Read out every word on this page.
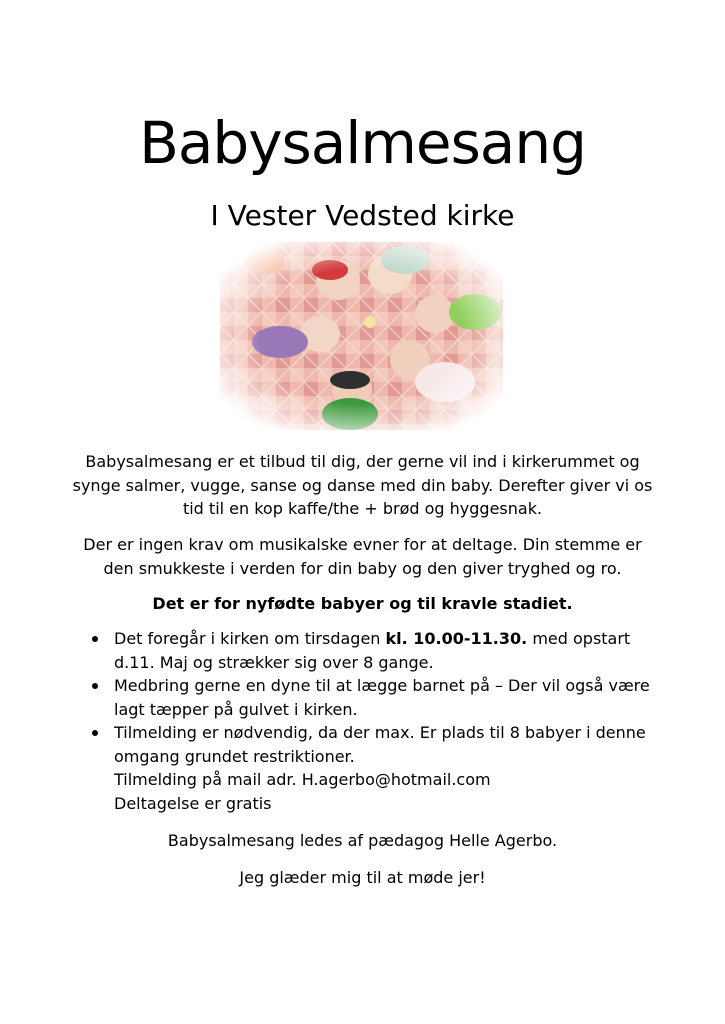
Babysalmesang
I Vester Vedsted kirke
Babysalmesang er et tilbud til dig, der gerne vil ind i kirkerummet og synge salmer, vugge, sanse og danse med din baby. Derefter giver vi os tid til en kop kaffe/the + brød og hyggesnak.
Der er ingen krav om musikalske evner for at deltage. Din stemme er den smukkeste i verden for din baby og den giver tryghed og ro.
Det er for nyfødte babyer og til kravle stadiet.
Det foregår i kirken om tirsdagen kl. 10.00-11.30. med opstart d.11. Maj og strækker sig over 8 gange.
Medbring gerne en dyne til at lægge barnet på – Der vil også være lagt tæpper på gulvet i kirken.
Tilmelding er nødvendig, da der max. Er plads til 8 babyer i denne omgang grundet restriktioner.
Tilmelding på mail adr. H.agerbo@hotmail.com
Deltagelse er gratis
Babysalmesang ledes af pædagog Helle Agerbo.
Jeg glæder mig til at møde jer!
